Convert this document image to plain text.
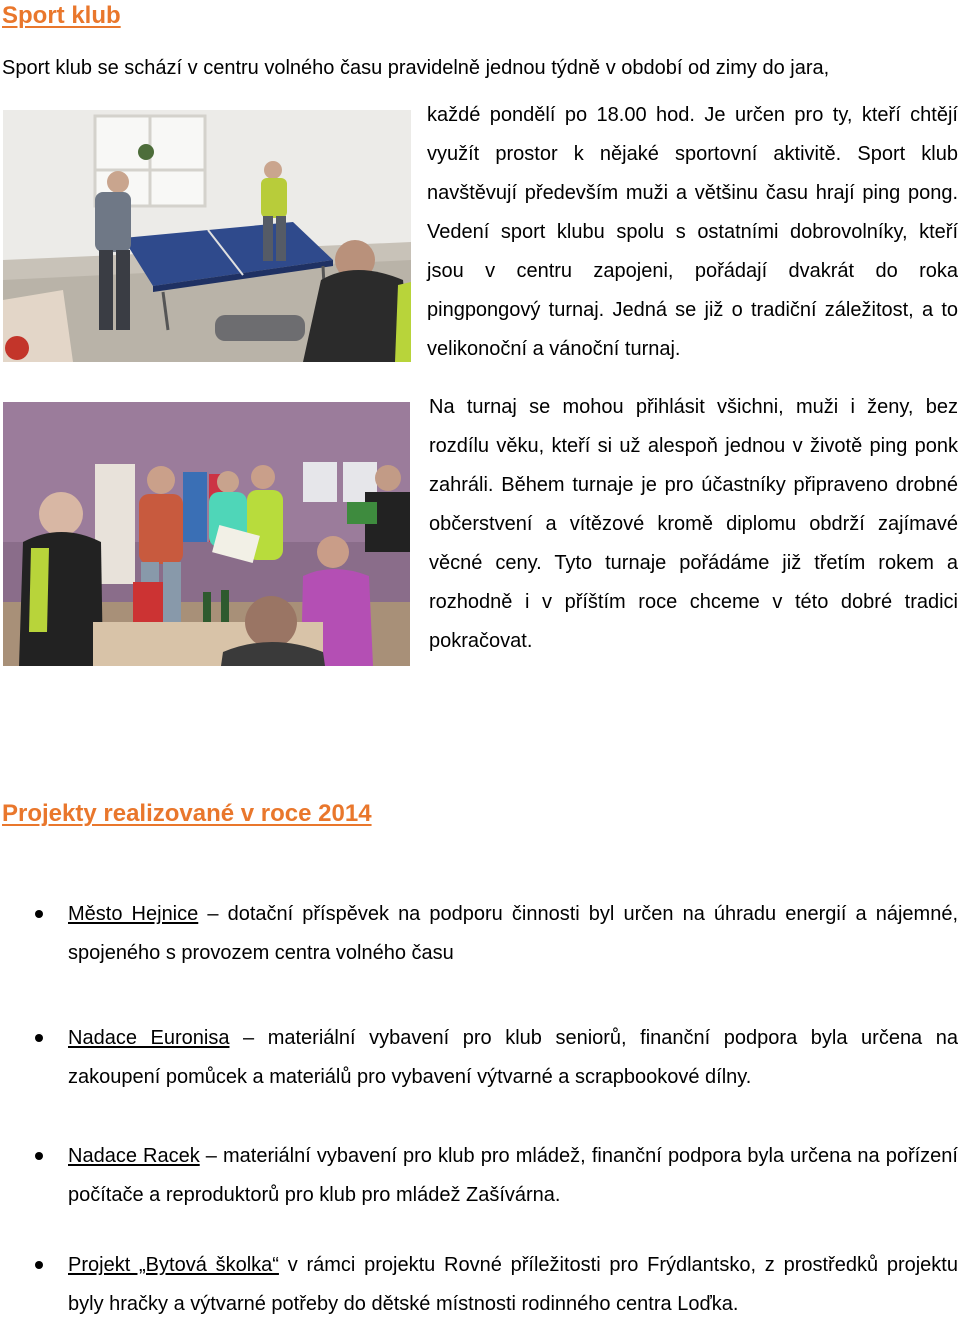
Sport klub

Sport klub se schází v centru volného času pravidelně jednou týdně v období od zimy do jara,

každé pondělí po 18.00 hod. Je určen pro ty, kteří chtějí využít prostor k nějaké sportovní aktivitě. Sport klub navštěvují především muži a většinu času hrají ping pong. Vedení sport klubu spolu s ostatními dobrovolníky, kteří jsou v centru zapojeni, pořádají dvakrát do roka pingpongový turnaj. Jedná se již o tradiční záležitost, a to velikonoční a vánoční turnaj.

Na turnaj se mohou přihlásit všichni, muži i ženy, bez rozdílu věku, kteří si už alespoň jednou v životě ping ponk zahráli. Během turnaje je pro účastníky připraveno drobné občerstvení a vítězové kromě diplomu obdrží zajímavé věcné ceny. Tyto turnaje pořádáme již třetím rokem a rozhodně i v příštím roce chceme v této dobré tradici pokračovat.

Projekty realizované v roce 2014
Město Hejnice – dotační příspěvek na podporu činnosti byl určen na úhradu energií a nájemné, spojeného s provozem centra volného času
Nadace Euronisa – materiální vybavení pro klub seniorů, finanční podpora byla určena na zakoupení pomůcek a materiálů pro vybavení výtvarné a scrapbookové dílny.
Nadace Racek – materiální vybavení pro klub pro mládež, finanční podpora byla určena na pořízení počítače a reproduktorů pro klub pro mládež Zašívárna.
Projekt „Bytová školka“ v rámci projektu Rovné příležitosti pro Frýdlantsko, z prostředků projektu byly hračky a výtvarné potřeby do dětské místnosti rodinného centra Loďka.
